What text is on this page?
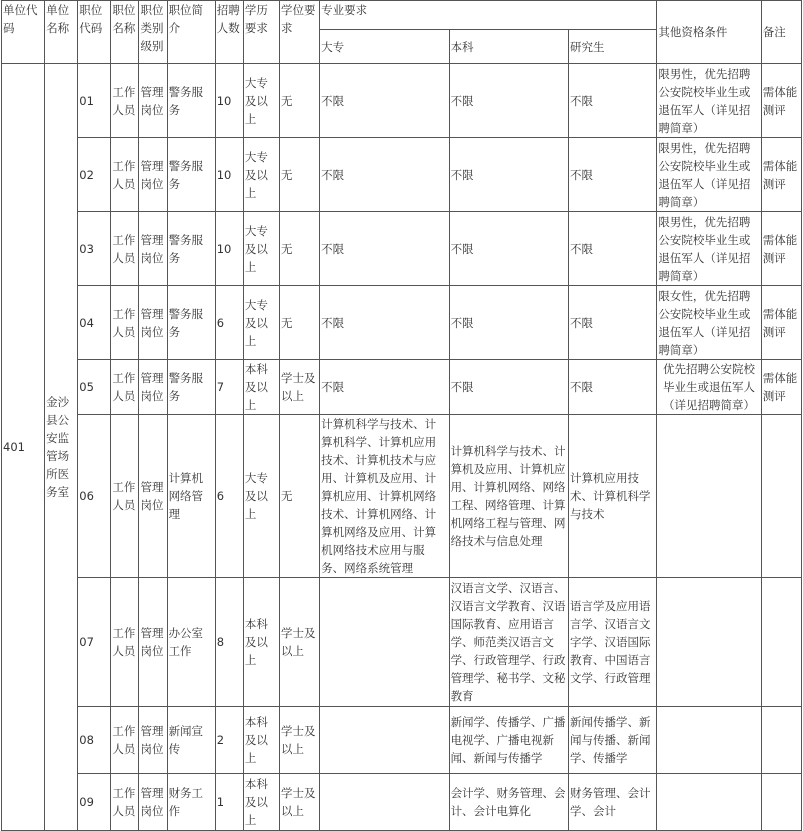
单位代码	单位名称	职位代码	职位名称	职位类别级别	职位简介	招聘人数	学历要求	学位要求	专业要求			其他资格条件	备注
									大专	本科	研究生		
401	金沙县公安监管场所医务室	01	工作人员	管理岗位	警务服务	10	大专及以上	无	不限	不限	不限	限男性，优先招聘公安院校毕业生或退伍军人（详见招聘简章）	需体能测评
		02	工作人员	管理岗位	警务服务	10	大专及以上	无	不限	不限	不限	限男性，优先招聘公安院校毕业生或退伍军人（详见招聘简章）	需体能测评
		03	工作人员	管理岗位	警务服务	10	大专及以上	无	不限	不限	不限	限男性，优先招聘公安院校毕业生或退伍军人（详见招聘简章）	需体能测评
		04	工作人员	管理岗位	警务服务	6	大专及以上	无	不限	不限	不限	限女性，优先招聘公安院校毕业生或退伍军人（详见招聘简章）	需体能测评
		05	工作人员	管理岗位	警务服务	7	本科及以上	学士及以上	不限	不限	不限	优先招聘公安院校毕业生或退伍军人（详见招聘简章）	需体能测评
		06	工作人员	管理岗位	计算机网络管理	6	大专及以上	无	计算机科学与技术、计算机科学、计算机应用技术、计算机技术与应用、计算机及应用、计算机应用、计算机网络技术、计算机网络、计算机网络及应用、计算机网络技术应用与服务、网络系统管理	计算机科学与技术、计算机及应用、计算机应用、计算机网络、网络工程、网络管理、计算机网络工程与管理、网络技术与信息处理	计算机应用技术、计算机科学与技术		
		07	工作人员	管理岗位	办公室工作	8	本科及以上	学士及以上		汉语言文学、汉语言、汉语言文学教育、汉语国际教育、应用语言学、师范类汉语言文学、行政管理学、行政管理学、秘书学、文秘教育	语言学及应用语言学、汉语言文字学、汉语国际教育、中国语言文学、行政管理		
		08	工作人员	管理岗位	新闻宣传	2	本科及以上	学士及以上		新闻学、传播学、广播电视学、广播电视新闻、新闻与传播学	新闻传播学、新闻与传播、新闻学、传播学		
		09	工作人员	管理岗位	财务工作	1	本科及以上	学士及以上		会计学、财务管理、会计、会计电算化	财务管理、会计学、会计		
